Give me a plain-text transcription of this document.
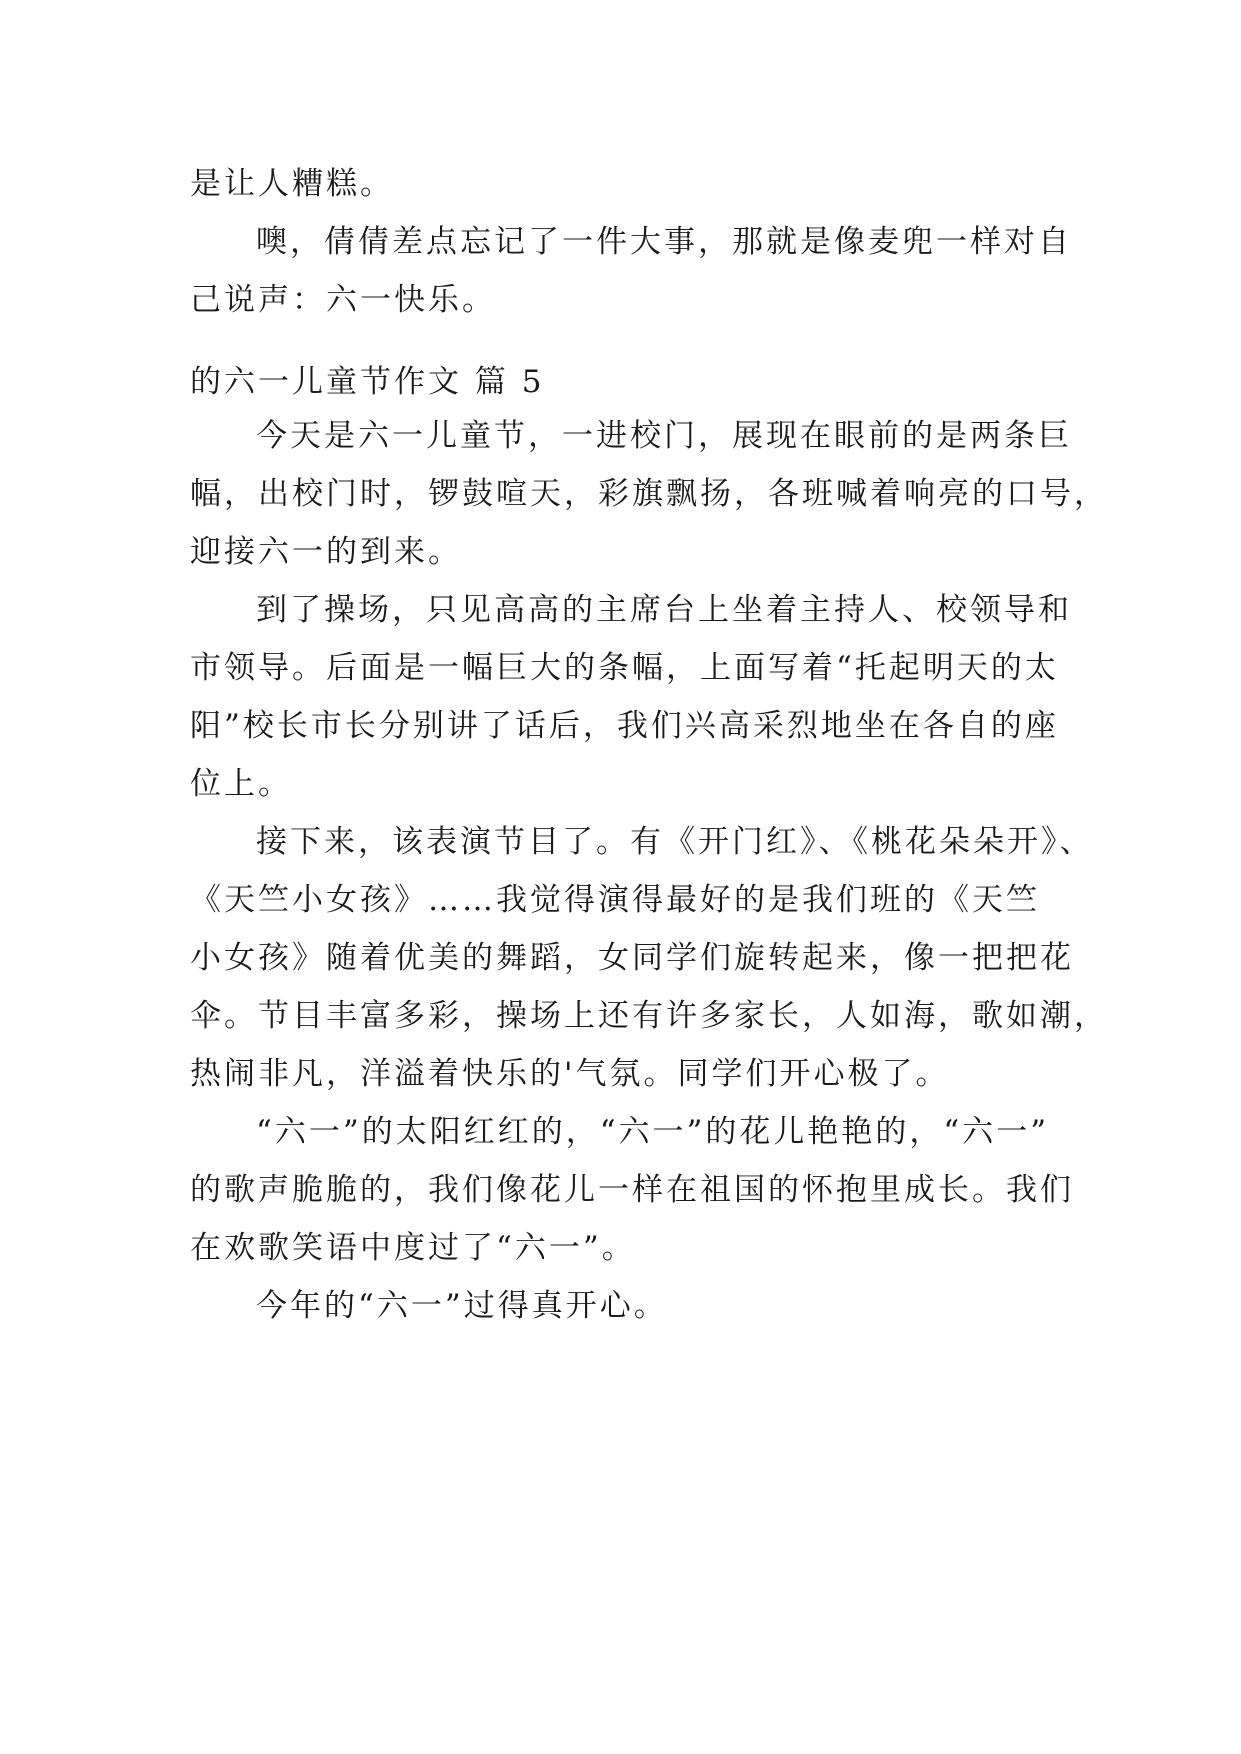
是让人糟糕。
噢，倩倩差点忘记了一件大事，那就是像麦兜一样对自
己说声：六一快乐。
的六一儿童节作文 篇 5
今天是六一儿童节，一进校门，展现在眼前的是两条巨
幅，出校门时，锣鼓喧天，彩旗飘扬，各班喊着响亮的口号，
迎接六一的到来。
到了操场，只见高高的主席台上坐着主持人、校领导和
市领导。后面是一幅巨大的条幅，上面写着“托起明天的太
阳”校长市长分别讲了话后，我们兴高采烈地坐在各自的座
位上。
接下来，该表演节目了。有《开门红》、《桃花朵朵开》、
《天竺小女孩》……我觉得演得最好的是我们班的《天竺
小女孩》随着优美的舞蹈，女同学们旋转起来，像一把把花
伞。节目丰富多彩，操场上还有许多家长，人如海，歌如潮，
热闹非凡，洋溢着快乐的'气氛。同学们开心极了。
“六一”的太阳红红的，“六一”的花儿艳艳的，“六一”
的歌声脆脆的，我们像花儿一样在祖国的怀抱里成长。我们
在欢歌笑语中度过了“六一”。
今年的“六一”过得真开心。
